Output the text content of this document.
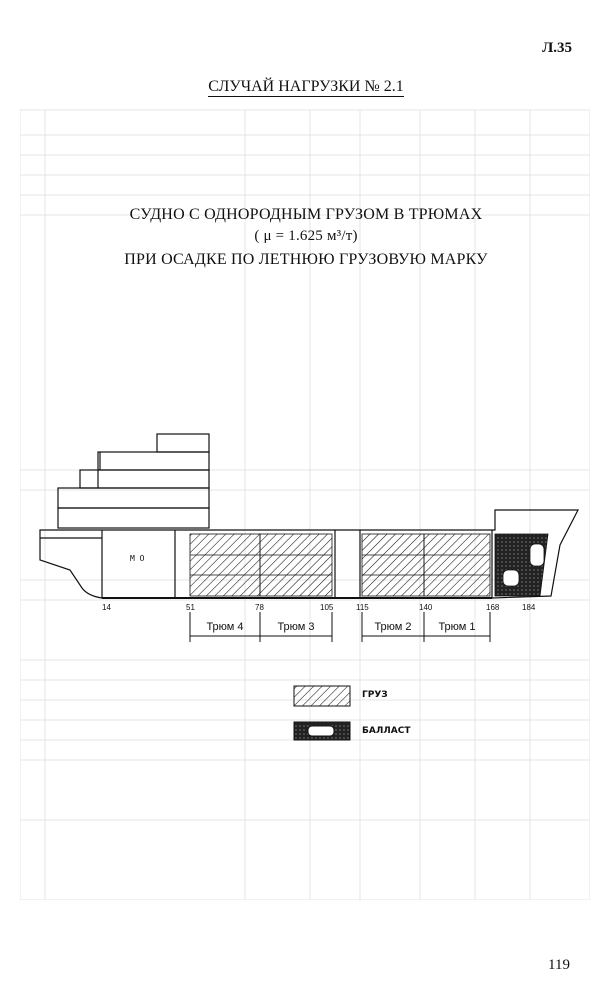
Л.35
СЛУЧАЙ НАГРУЗКИ № 2.1
СУДНО С ОДНОРОДНЫМ ГРУЗОМ В ТРЮМАХ
( μ = 1.625 м³/т)
ПРИ ОСАДКЕ ПО ЛЕТНЮЮ ГРУЗОВУЮ МАРКУ
М О
14	51	78	105	115	140	168	184
Трюм 4	Трюм 3	Трюм 2 Трюм 1
ГРУЗ
БАЛЛАСТ
119
